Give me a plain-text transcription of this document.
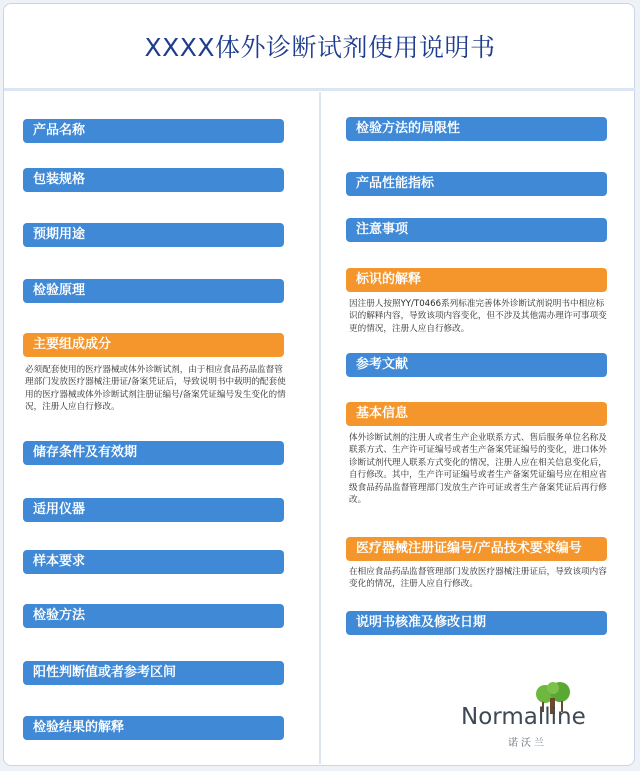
XXXX体外诊断试剂使用说明书
产品名称
包装规格
预期用途
检验原理
主要组成成分

必须配套使用的医疗器械或体外诊断试剂，由于相应食品药品监督管理部门发放医疗器械注册证/备案凭证后，导致说明书中载明的配套使用的医疗器械或体外诊断试剂注册证编号/备案凭证编号发生变化的情况，注册人应自行修改。

储存条件及有效期
适用仪器
样本要求
检验方法
阳性判断值或者参考区间
检验结果的解释
检验方法的局限性
产品性能指标
注意事项
标识的解释

因注册人按照YY/T0466系列标准完善体外诊断试剂说明书中相应标识的解释内容，导致该项内容变化，但不涉及其他需办理许可事项变更的情况，注册人应自行修改。

参考文献
基本信息

体外诊断试剂的注册人或者生产企业联系方式、售后服务单位名称及联系方式、生产许可证编号或者生产备案凭证编号的变化，进口体外诊断试剂代理人联系方式变化的情况，注册人应在相关信息变化后，自行修改。其中，生产许可证编号或者生产备案凭证编号应在相应省级食品药品监督管理部门发放生产许可证或者生产备案凭证后再行修改。

医疗器械注册证编号/产品技术要求编号

在相应食品药品监督管理部门发放医疗器械注册证后，导致该项内容变化的情况，注册人应自行修改。

说明书核准及修改日期
Normalline
诺沃兰
